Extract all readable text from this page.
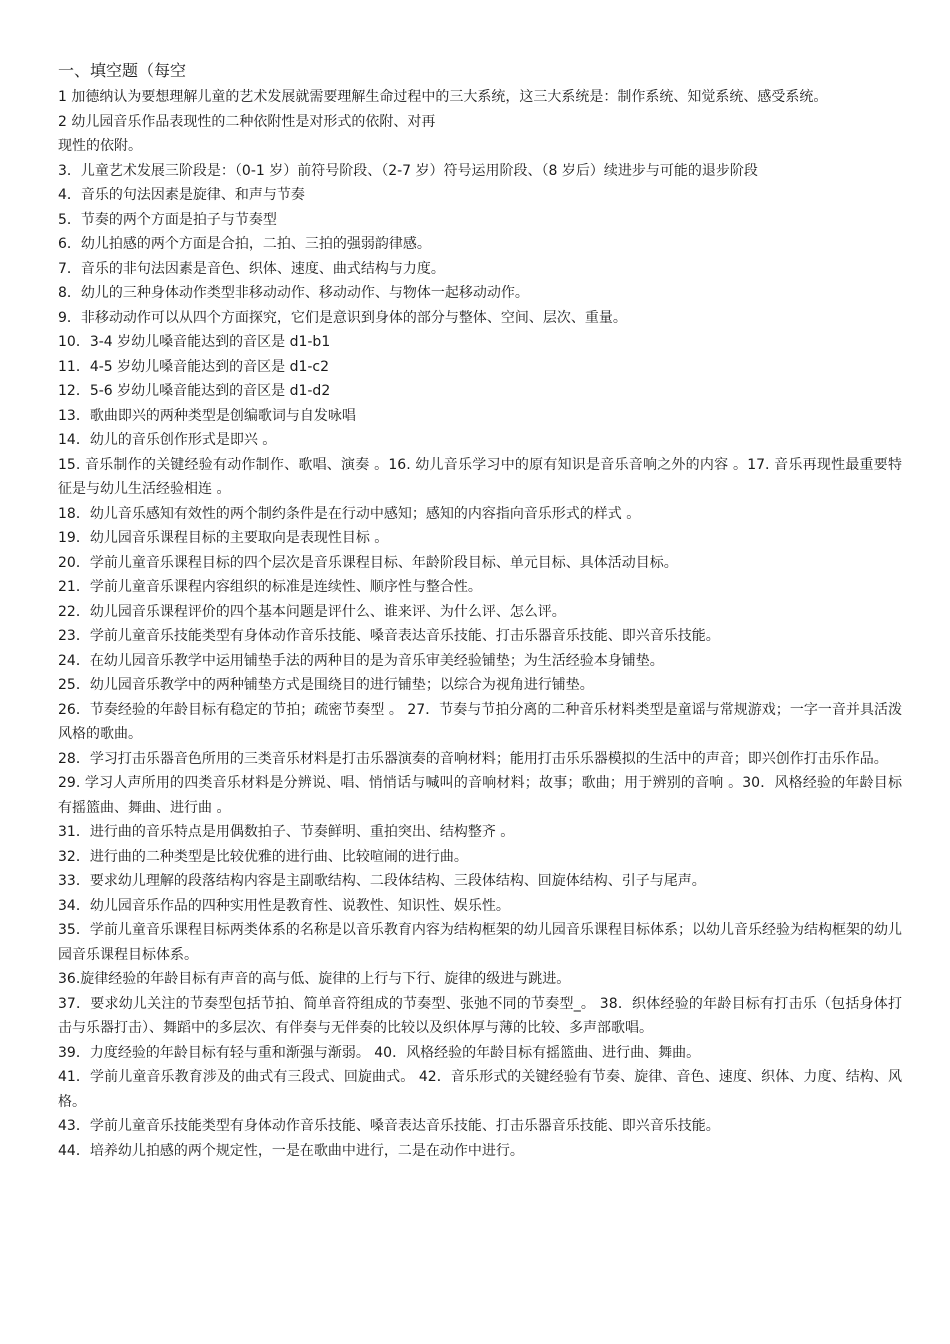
一、填空题（每空

1 加德纳认为要想理解儿童的艺术发展就需要理解生命过程中的三大系统，这三大系统是：制作系统、知觉系统、感受系统。

2 幼儿园音乐作品表现性的二种依附性是对形式的依附、对再

现性的依附。

3．儿童艺术发展三阶段是：（0-1 岁）前符号阶段、（2-7 岁）符号运用阶段、（8 岁后）续进步与可能的退步阶段

4．音乐的句法因素是旋律、和声与节奏

5．节奏的两个方面是拍子与节奏型

6．幼儿拍感的两个方面是合拍，二拍、三拍的强弱韵律感。

7．音乐的非句法因素是音色、织体、速度、曲式结构与力度。

8．幼儿的三种身体动作类型非移动动作、移动动作、与物体一起移动动作。

9．非移动动作可以从四个方面探究，它们是意识到身体的部分与整体、空间、层次、重量。

10．3-4 岁幼儿嗓音能达到的音区是 d1-b1

11．4-5 岁幼儿嗓音能达到的音区是 d1-c2

12．5-6 岁幼儿嗓音能达到的音区是 d1-d2

13．歌曲即兴的两种类型是创编歌词与自发咏唱

14．幼儿的音乐创作形式是即兴 。

15. 音乐制作的关键经验有动作制作、歌唱、演奏 。16. 幼儿音乐学习中的原有知识是音乐音响之外的内容 。17. 音乐再现性最重要特征是与幼儿生活经验相连 。

18．幼儿音乐感知有效性的两个制约条件是在行动中感知；感知的内容指向音乐形式的样式 。

19．幼儿园音乐课程目标的主要取向是表现性目标 。

20．学前儿童音乐课程目标的四个层次是音乐课程目标、年龄阶段目标、单元目标、具体活动目标。

21．学前儿童音乐课程内容组织的标准是连续性、顺序性与整合性。

22．幼儿园音乐课程评价的四个基本问题是评什么、谁来评、为什么评、怎么评。

23．学前儿童音乐技能类型有身体动作音乐技能、嗓音表达音乐技能、打击乐器音乐技能、即兴音乐技能。

24．在幼儿园音乐教学中运用铺垫手法的两种目的是为音乐审美经验铺垫；为生活经验本身铺垫。

25．幼儿园音乐教学中的两种铺垫方式是围绕目的进行铺垫；以综合为视角进行铺垫。

26．节奏经验的年龄目标有稳定的节拍；疏密节奏型 。 27．节奏与节拍分离的二种音乐材料类型是童谣与常规游戏；一字一音并具活泼风格的歌曲。

28．学习打击乐器音色所用的三类音乐材料是打击乐器演奏的音响材料；能用打击乐乐器模拟的生活中的声音；即兴创作打击乐作品。

29. 学习人声所用的四类音乐材料是分辨说、唱、悄悄话与喊叫的音响材料；故事；歌曲；用于辨别的音响 。30．风格经验的年龄目标有摇篮曲、舞曲、进行曲 。

31．进行曲的音乐特点是用偶数拍子、节奏鲜明、重拍突出、结构整齐 。

32．进行曲的二种类型是比较优雅的进行曲、比较喧闹的进行曲。

33．要求幼儿理解的段落结构内容是主副歌结构、二段体结构、三段体结构、回旋体结构、引子与尾声。

34．幼儿园音乐作品的四种实用性是教育性、说教性、知识性、娱乐性。

35．学前儿童音乐课程目标两类体系的名称是以音乐教育内容为结构框架的幼儿园音乐课程目标体系；以幼儿音乐经验为结构框架的幼儿园音乐课程目标体系。

36.旋律经验的年龄目标有声音的高与低、旋律的上行与下行、旋律的级进与跳进。

37．要求幼儿关注的节奏型包括节拍、简单音符组成的节奏型、张弛不同的节奏型_。 38．织体经验的年龄目标有打击乐（包括身体打击与乐器打击）、舞蹈中的多层次、有伴奏与无伴奏的比较以及织体厚与薄的比较、多声部歌唱。

39．力度经验的年龄目标有轻与重和渐强与渐弱。 40．风格经验的年龄目标有摇篮曲、进行曲、舞曲。

41．学前儿童音乐教育涉及的曲式有三段式、回旋曲式。 42．音乐形式的关键经验有节奏、旋律、音色、速度、织体、力度、结构、风格。

43．学前儿童音乐技能类型有身体动作音乐技能、嗓音表达音乐技能、打击乐器音乐技能、即兴音乐技能。

44．培养幼儿拍感的两个规定性，一是在歌曲中进行，二是在动作中进行。
